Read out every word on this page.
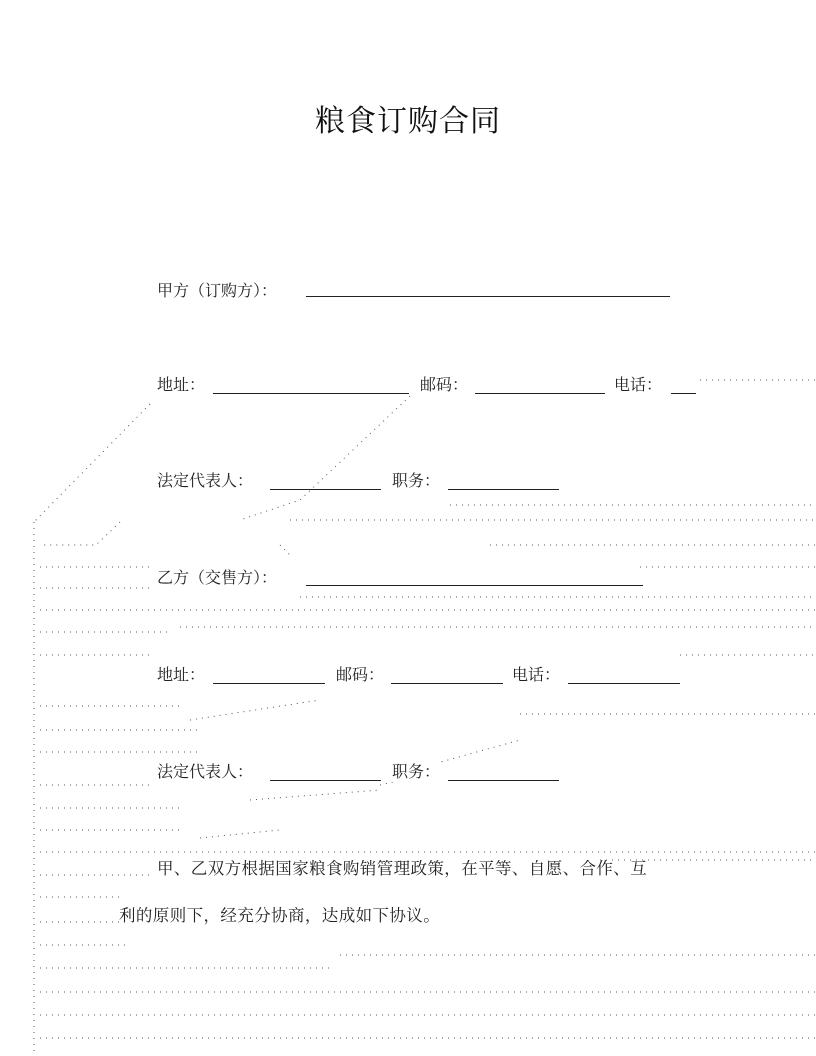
粮食订购合同
甲方（订购方）：
地址：	邮码：	电话：
法定代表人：	职务：
乙方（交售方）：
地址：	邮码：	电话：
法定代表人：	职务：
甲、乙双方根据国家粮食购销管理政策，在平等、自愿、合作、互
利的原则下，经充分协商，达成如下协议。
